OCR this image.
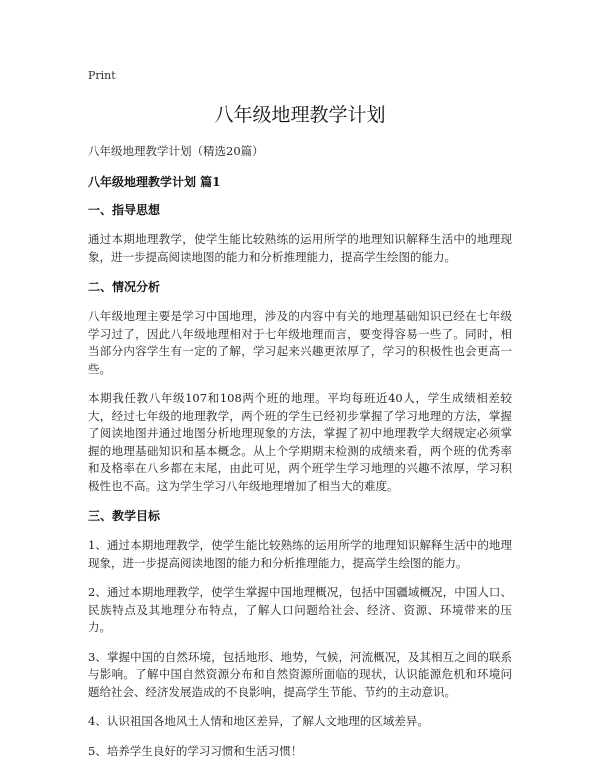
Print
八年级地理教学计划

八年级地理教学计划（精选20篇）

八年级地理教学计划 篇1

一、指导思想

通过本期地理教学，使学生能比较熟练的运用所学的地理知识解释生活中的地理现象，进一步提高阅读地图的能力和分析推理能力，提高学生绘图的能力。

二、情况分析

八年级地理主要是学习中国地理，涉及的内容中有关的地理基础知识已经在七年级学习过了，因此八年级地理相对于七年级地理而言，要变得容易一些了。同时，相当部分内容学生有一定的了解，学习起来兴趣更浓厚了，学习的积极性也会更高一些。

本期我任教八年级107和108两个班的地理。平均每班近40人，学生成绩相差较大，经过七年级的地理教学，两个班的学生已经初步掌握了学习地理的方法，掌握了阅读地图并通过地图分析地理现象的方法，掌握了初中地理教学大纲规定必须掌握的地理基础知识和基本概念。从上个学期期末检测的成绩来看，两个班的优秀率和及格率在八乡都在末尾，由此可见，两个班学生学习地理的兴趣不浓厚，学习积极性也不高。这为学生学习八年级地理增加了相当大的难度。

三、教学目标

1、通过本期地理教学，使学生能比较熟练的运用所学的地理知识解释生活中的地理现象，进一步提高阅读地图的能力和分析推理能力，提高学生绘图的能力。

2、通过本期地理教学，使学生掌握中国地理概况，包括中国疆域概况，中国人口、民族特点及其地理分布特点，了解人口问题给社会、经济、资源、环境带来的压力。

3、掌握中国的自然环境，包括地形、地势，气候，河流概况，及其相互之间的联系与影响。了解中国自然资源分布和自然资源所面临的现状，认识能源危机和环境问题给社会、经济发展造成的不良影响，提高学生节能、节约的主动意识。

4、认识祖国各地风土人情和地区差异，了解人文地理的区域差异。

5、培养学生良好的学习习惯和生活习惯！
